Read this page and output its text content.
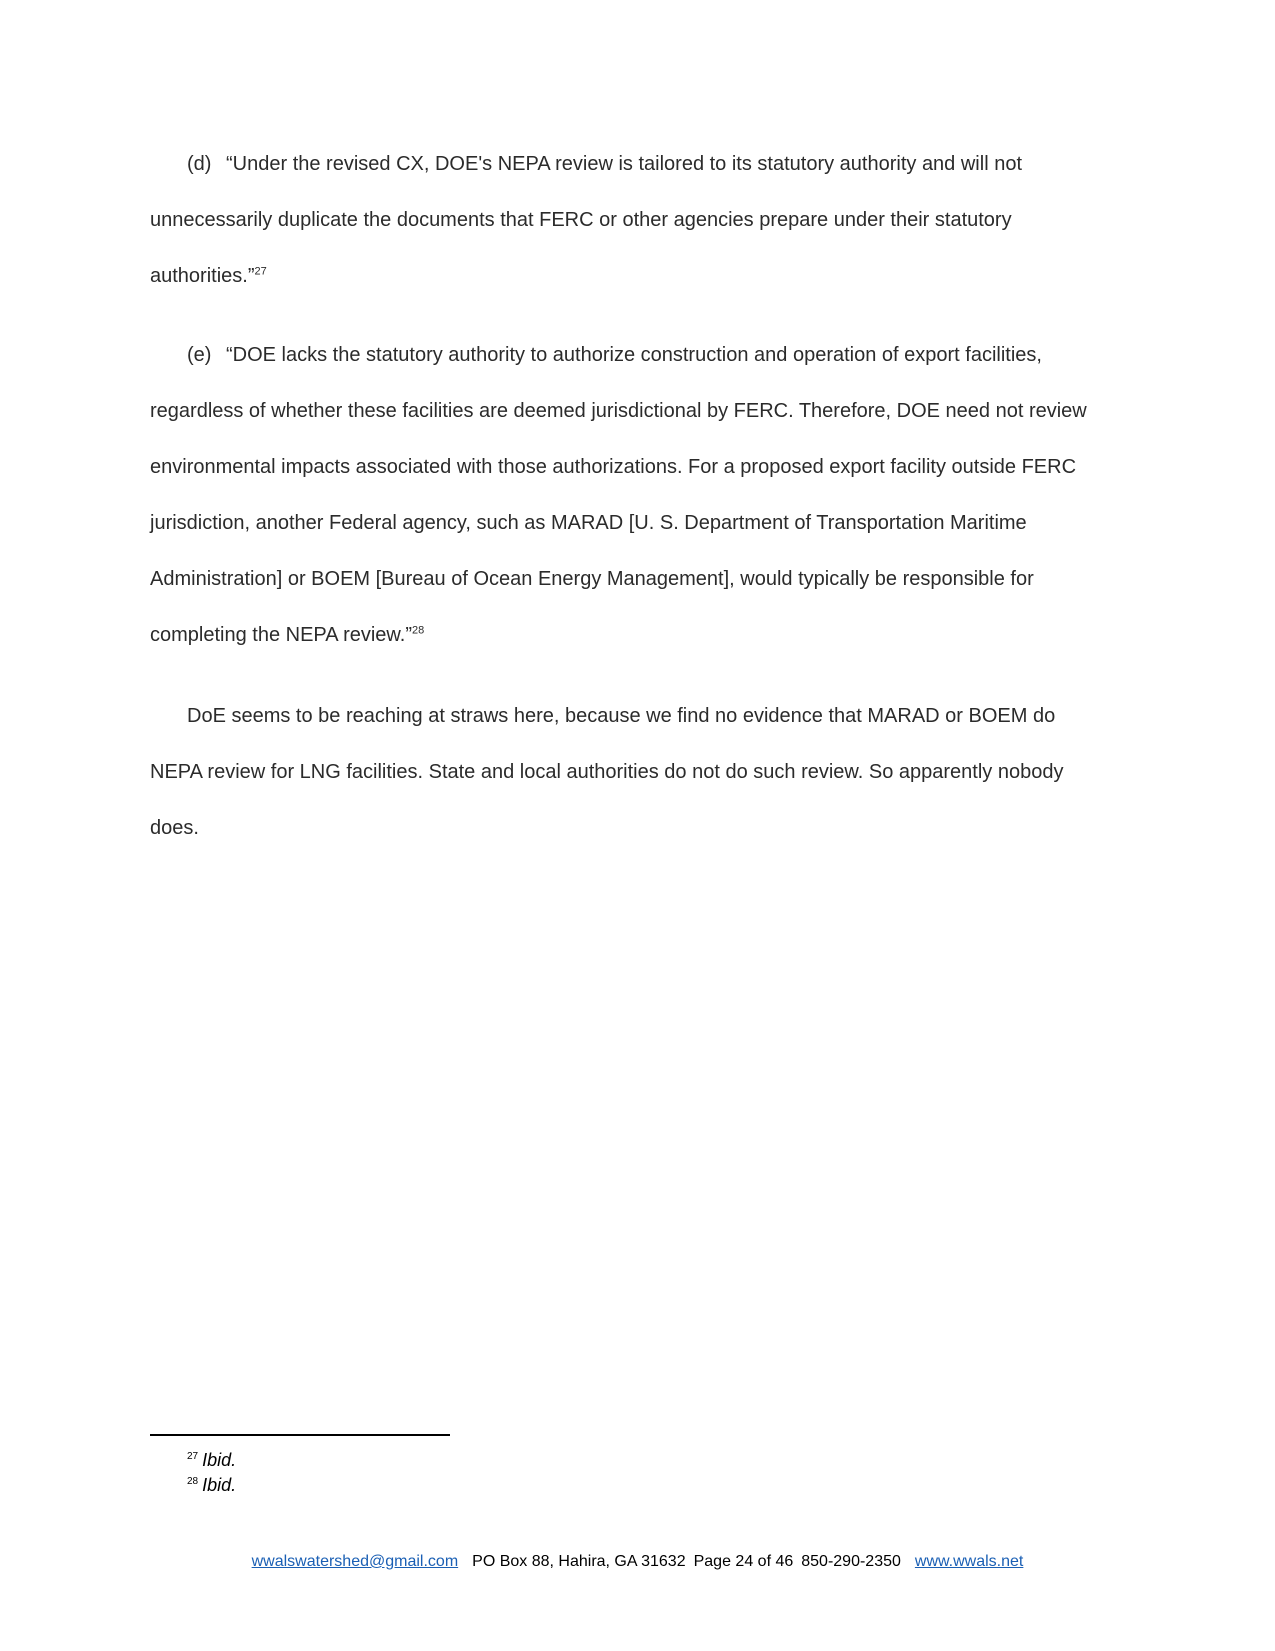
(d) “Under the revised CX, DOE's NEPA review is tailored to its statutory authority and will not
unnecessarily duplicate the documents that FERC or other agencies prepare under their statutory
authorities.”$^{27}$
(e) “DOE lacks the statutory authority to authorize construction and operation of export facilities,
regardless of whether these facilities are deemed jurisdictional by FERC. Therefore, DOE need not review
environmental impacts associated with those authorizations. For a proposed export facility outside FERC
jurisdiction, another Federal agency, such as MARAD [U. S. Department of Transportation Maritime
Administration] or BOEM [Bureau of Ocean Energy Management], would typically be responsible for
completing the NEPA review.”$^{28}$
DoE seems to be reaching at straws here, because we find no evidence that MARAD or BOEM do
NEPA review for LNG facilities. State and local authorities do not do such review. So apparently nobody
does.
$^{27}$ Ibid.
$^{28}$ Ibid.
wwalswatershed@gmail.com PO Box 88, Hahira, GA 31632 Page 24 of 46 850-290-2350 www.wwals.net
